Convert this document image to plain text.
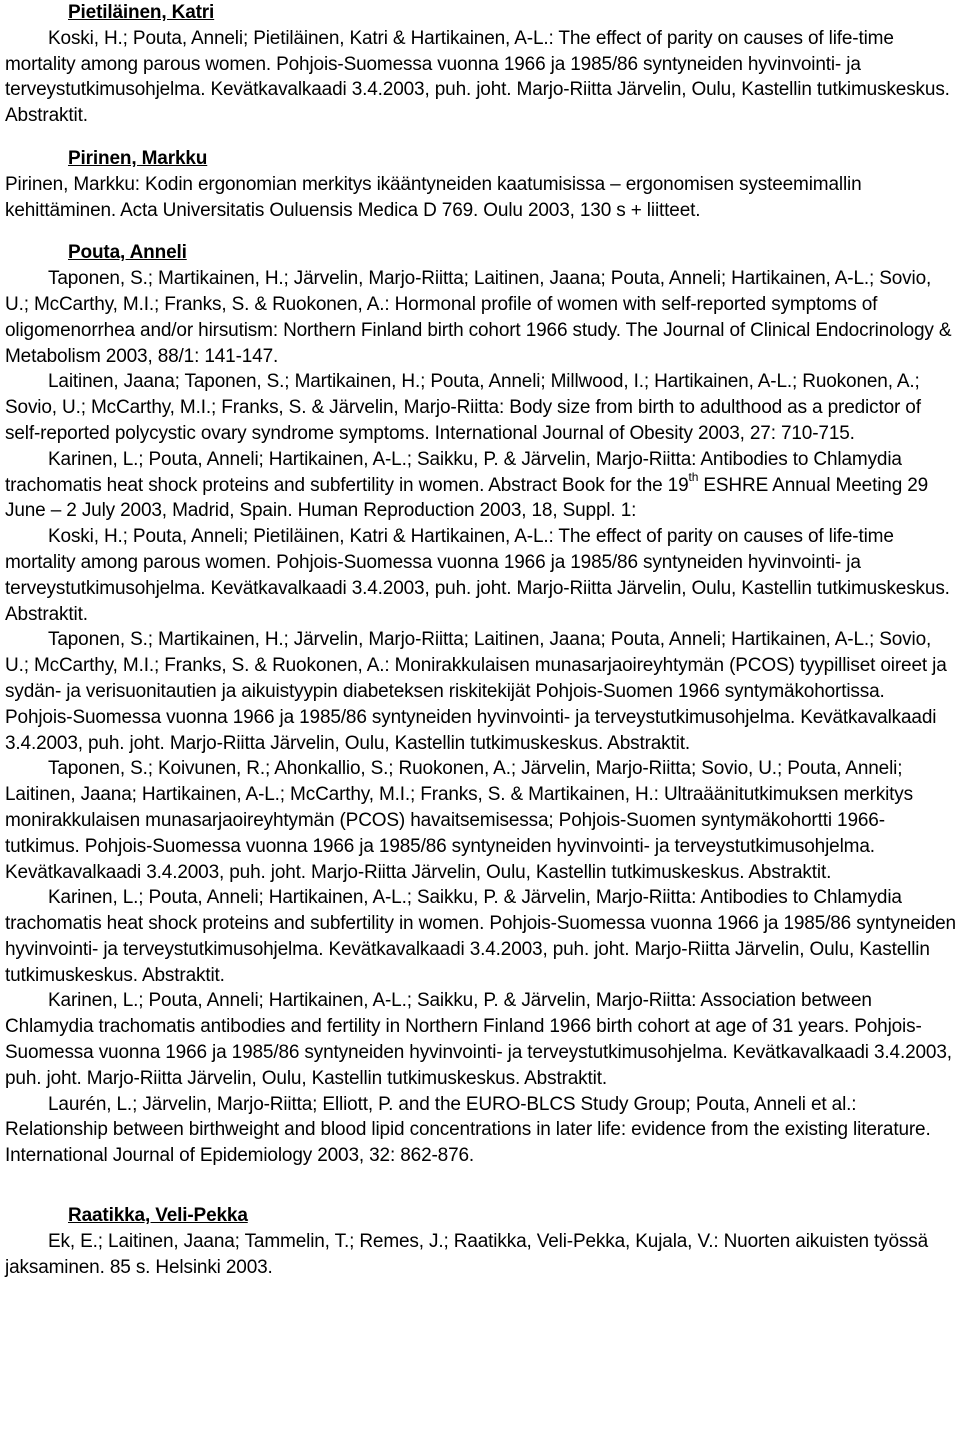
Pietiläinen, Katri

Koski, H.; Pouta, Anneli; Pietiläinen, Katri & Hartikainen, A-L.: The effect of parity on causes of life-time mortality among parous women. Pohjois-Suomessa vuonna 1966 ja 1985/86 syntyneiden hyvinvointi- ja terveystutkimusohjelma. Kevätkavalkaadi 3.4.2003, puh. joht. Marjo-Riitta Järvelin, Oulu, Kastellin tutkimuskeskus. Abstraktit.

Pirinen, Markku

Pirinen, Markku: Kodin ergonomian merkitys ikääntyneiden kaatumisissa – ergonomisen systeemimallin kehittäminen. Acta Universitatis Ouluensis Medica D 769. Oulu 2003, 130 s + liitteet.

Pouta, Anneli

Taponen, S.; Martikainen, H.; Järvelin, Marjo-Riitta; Laitinen, Jaana; Pouta, Anneli; Hartikainen, A-L.; Sovio, U.; McCarthy, M.I.; Franks, S. & Ruokonen, A.: Hormonal profile of women with self-reported symptoms of oligomenorrhea and/or hirsutism: Northern Finland birth cohort 1966 study. The Journal of Clinical Endocrinology & Metabolism 2003, 88/1: 141-147.

Laitinen, Jaana; Taponen, S.; Martikainen, H.; Pouta, Anneli; Millwood, I.; Hartikainen, A-L.; Ruokonen, A.; Sovio, U.; McCarthy, M.I.; Franks, S. & Järvelin, Marjo-Riitta: Body size from birth to adulthood as a predictor of self-reported polycystic ovary syndrome symptoms. International Journal of Obesity 2003, 27: 710-715.

Karinen, L.; Pouta, Anneli; Hartikainen, A-L.; Saikku, P. & Järvelin, Marjo-Riitta: Antibodies to Chlamydia trachomatis heat shock proteins and subfertility in women. Abstract Book for the 19th ESHRE Annual Meeting 29 June – 2 July 2003, Madrid, Spain. Human Reproduction 2003, 18, Suppl. 1:

Koski, H.; Pouta, Anneli; Pietiläinen, Katri & Hartikainen, A-L.: The effect of parity on causes of life-time mortality among parous women. Pohjois-Suomessa vuonna 1966 ja 1985/86 syntyneiden hyvinvointi- ja terveystutkimusohjelma. Kevätkavalkaadi 3.4.2003, puh. joht. Marjo-Riitta Järvelin, Oulu, Kastellin tutkimuskeskus. Abstraktit.

Taponen, S.; Martikainen, H.; Järvelin, Marjo-Riitta; Laitinen, Jaana; Pouta, Anneli; Hartikainen, A-L.; Sovio, U.; McCarthy, M.I.; Franks, S. & Ruokonen, A.: Monirakkulaisen munasarjaoireyhtymän (PCOS) tyypilliset oireet ja sydän- ja verisuonitautien ja aikuistyypin diabeteksen riskitekijät Pohjois-Suomen 1966 syntymäkohortissa. Pohjois-Suomessa vuonna 1966 ja 1985/86 syntyneiden hyvinvointi- ja terveystutkimusohjelma. Kevätkavalkaadi 3.4.2003, puh. joht. Marjo-Riitta Järvelin, Oulu, Kastellin tutkimuskeskus. Abstraktit.

Taponen, S.; Koivunen, R.; Ahonkallio, S.; Ruokonen, A.; Järvelin, Marjo-Riitta; Sovio, U.; Pouta, Anneli; Laitinen, Jaana; Hartikainen, A-L.; McCarthy, M.I.; Franks, S. & Martikainen, H.: Ultraäänitutkimuksen merkitys monirakkulaisen munasarjaoireyhtymän (PCOS) havaitsemisessa; Pohjois-Suomen syntymäkohortti 1966-tutkimus. Pohjois-Suomessa vuonna 1966 ja 1985/86 syntyneiden hyvinvointi- ja terveystutkimusohjelma. Kevätkavalkaadi 3.4.2003, puh. joht. Marjo-Riitta Järvelin, Oulu, Kastellin tutkimuskeskus. Abstraktit.

Karinen, L.; Pouta, Anneli; Hartikainen, A-L.; Saikku, P. & Järvelin, Marjo-Riitta: Antibodies to Chlamydia trachomatis heat shock proteins and subfertility in women. Pohjois-Suomessa vuonna 1966 ja 1985/86 syntyneiden hyvinvointi- ja terveystutkimusohjelma. Kevätkavalkaadi 3.4.2003, puh. joht. Marjo-Riitta Järvelin, Oulu, Kastellin tutkimuskeskus. Abstraktit.

Karinen, L.; Pouta, Anneli; Hartikainen, A-L.; Saikku, P. & Järvelin, Marjo-Riitta: Association between Chlamydia trachomatis antibodies and fertility in Northern Finland 1966 birth cohort at age of 31 years. Pohjois-Suomessa vuonna 1966 ja 1985/86 syntyneiden hyvinvointi- ja terveystutkimusohjelma. Kevätkavalkaadi 3.4.2003, puh. joht. Marjo-Riitta Järvelin, Oulu, Kastellin tutkimuskeskus. Abstraktit.

Laurén, L.; Järvelin, Marjo-Riitta; Elliott, P. and the EURO-BLCS Study Group; Pouta, Anneli et al.: Relationship between birthweight and blood lipid concentrations in later life: evidence from the existing literature. International Journal of Epidemiology 2003, 32: 862-876.

Raatikka, Veli-Pekka

Ek, E.; Laitinen, Jaana; Tammelin, T.; Remes, J.; Raatikka, Veli-Pekka, Kujala, V.: Nuorten aikuisten työssä jaksaminen. 85 s. Helsinki 2003.
